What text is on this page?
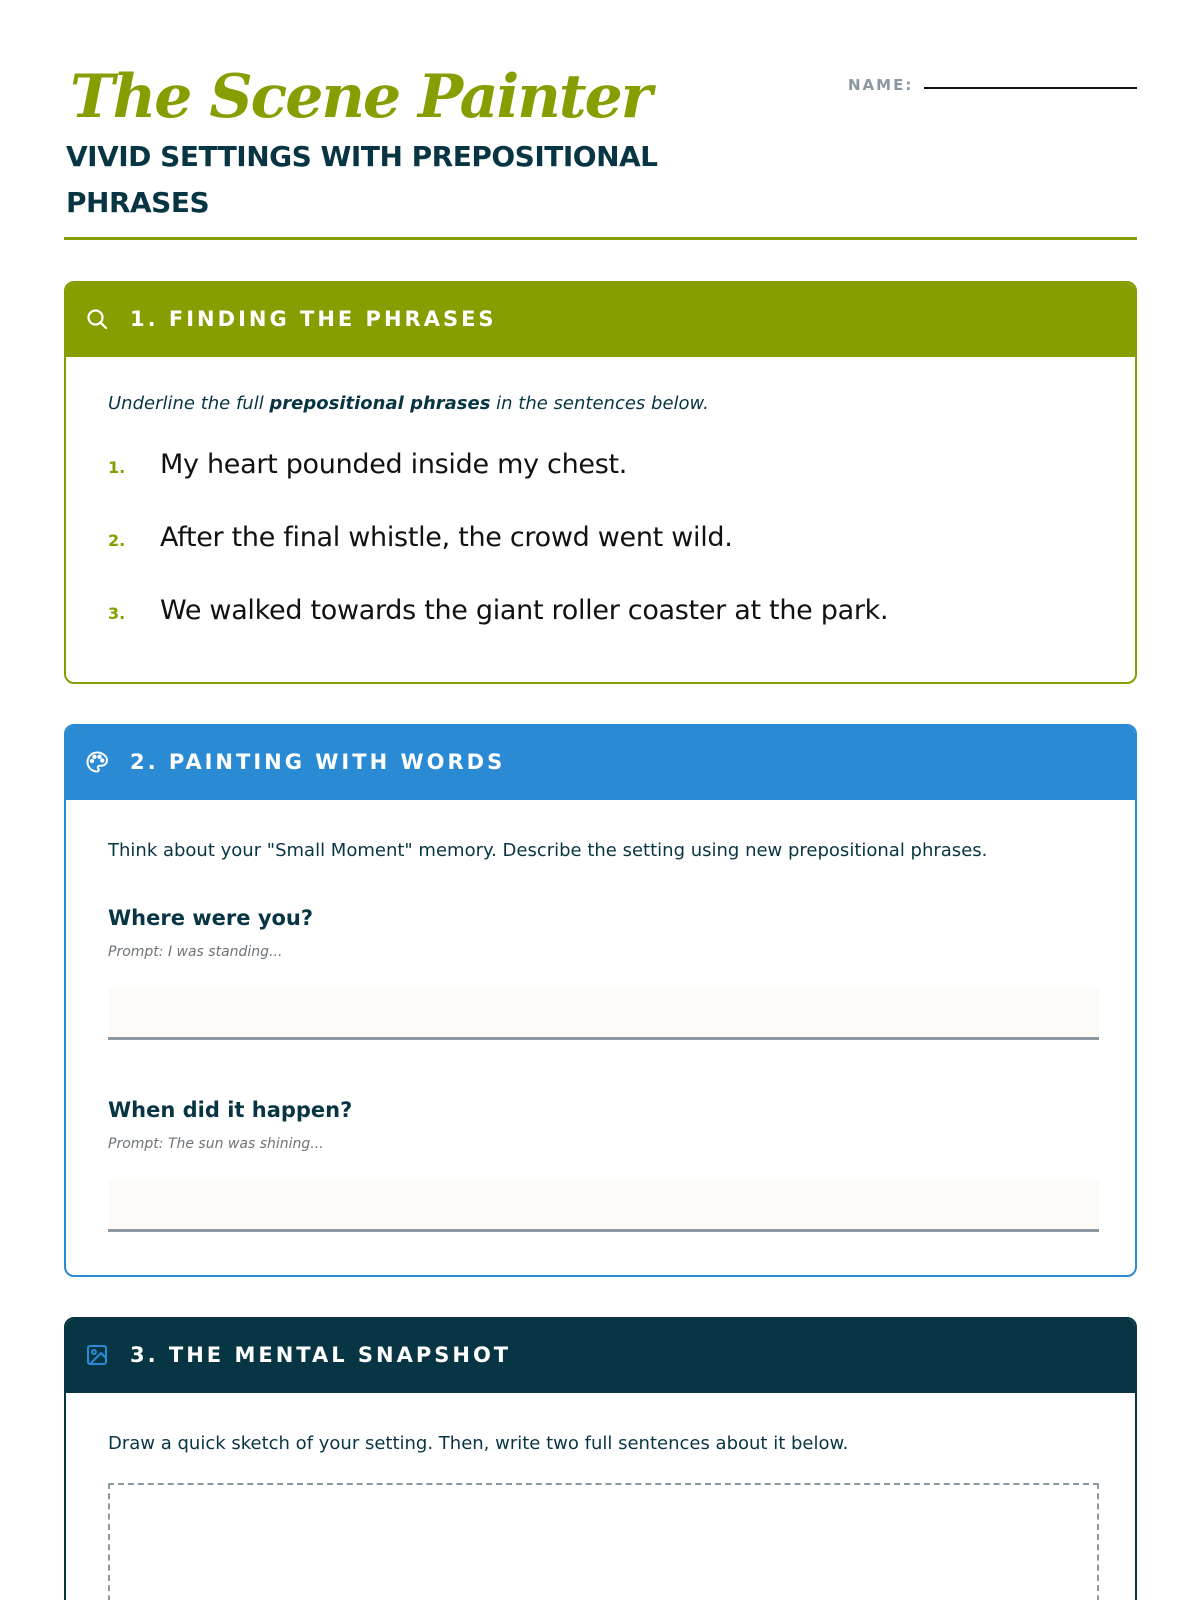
The Scene Painter
VIVID SETTINGS WITH PREPOSITIONAL PHRASES
NAME:
1. FINDING THE PHRASES
Underline the full prepositional phrases in the sentences below.
1.	My heart pounded inside my chest.
2.	After the final whistle, the crowd went wild.
3.	We walked towards the giant roller coaster at the park.
2. PAINTING WITH WORDS
Think about your "Small Moment" memory. Describe the setting using new prepositional phrases.
Where were you?
Prompt: I was standing...
When did it happen?
Prompt: The sun was shining...
3. THE MENTAL SNAPSHOT
Draw a quick sketch of your setting. Then, write two full sentences about it below.
